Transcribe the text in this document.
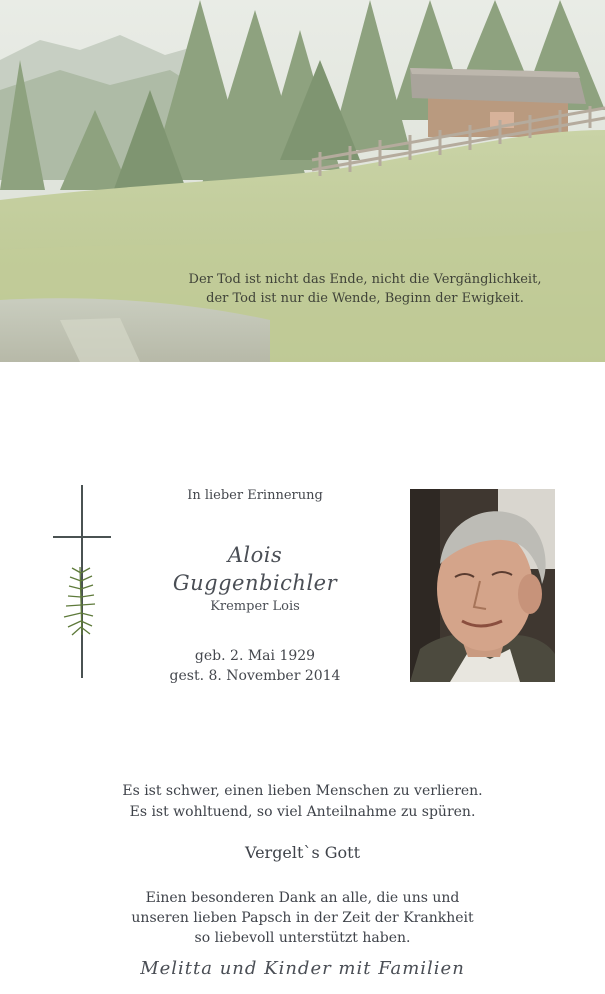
Der Tod ist nicht das Ende, nicht die Vergänglichkeit,
der Tod ist nur die Wende, Beginn der Ewigkeit.
In lieber Erinnerung
Alois
Guggenbichler
Kremper Lois
geb. 2. Mai 1929
gest. 8. November 2014
Es ist schwer, einen lieben Menschen zu verlieren.
Es ist wohltuend, so viel Anteilnahme zu spüren.
Vergelt`s Gott
Einen besonderen Dank an alle, die uns und
unseren lieben Papsch in der Zeit der Krankheit
so liebevoll unterstützt haben.
Melitta und Kinder mit Familien
